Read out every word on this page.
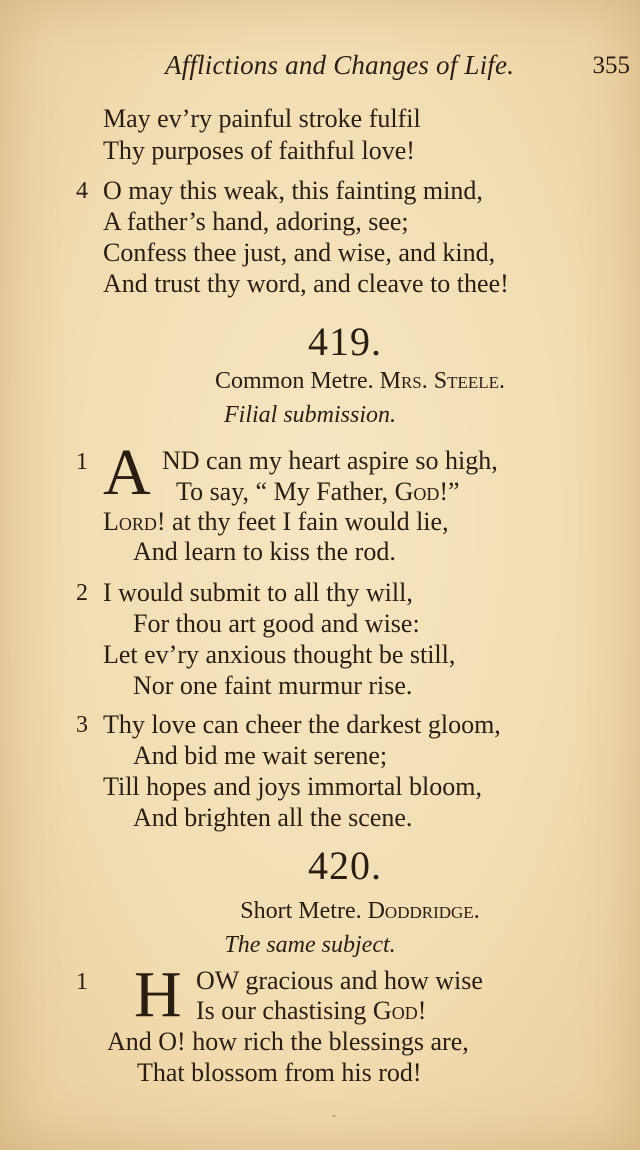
Afflictions and Changes of Life.	355
May ev’ry painful stroke fulfil
Thy purposes of faithful love!
4 O may this weak, this fainting mind,
A father’s hand, adoring, see;
Confess thee just, and wise, and kind,
And trust thy word, and cleave to thee!
419.
Common Metre. Mrs. Steele.
Filial submission.
1 A ND can my heart aspire so high,
To say, “ My Father, God!”
Lord! at thy feet I fain would lie,
And learn to kiss the rod.
2 I would submit to all thy will,
For thou art good and wise:
Let ev’ry anxious thought be still,
Nor one faint murmur rise.
3 Thy love can cheer the darkest gloom,
And bid me wait serene;
Till hopes and joys immortal bloom,
And brighten all the scene.
420.
Short Metre. Doddridge.
The same subject.
1 H OW gracious and how wise
Is our chastising God!
And O! how rich the blessings are,
That blossom from his rod!
-
